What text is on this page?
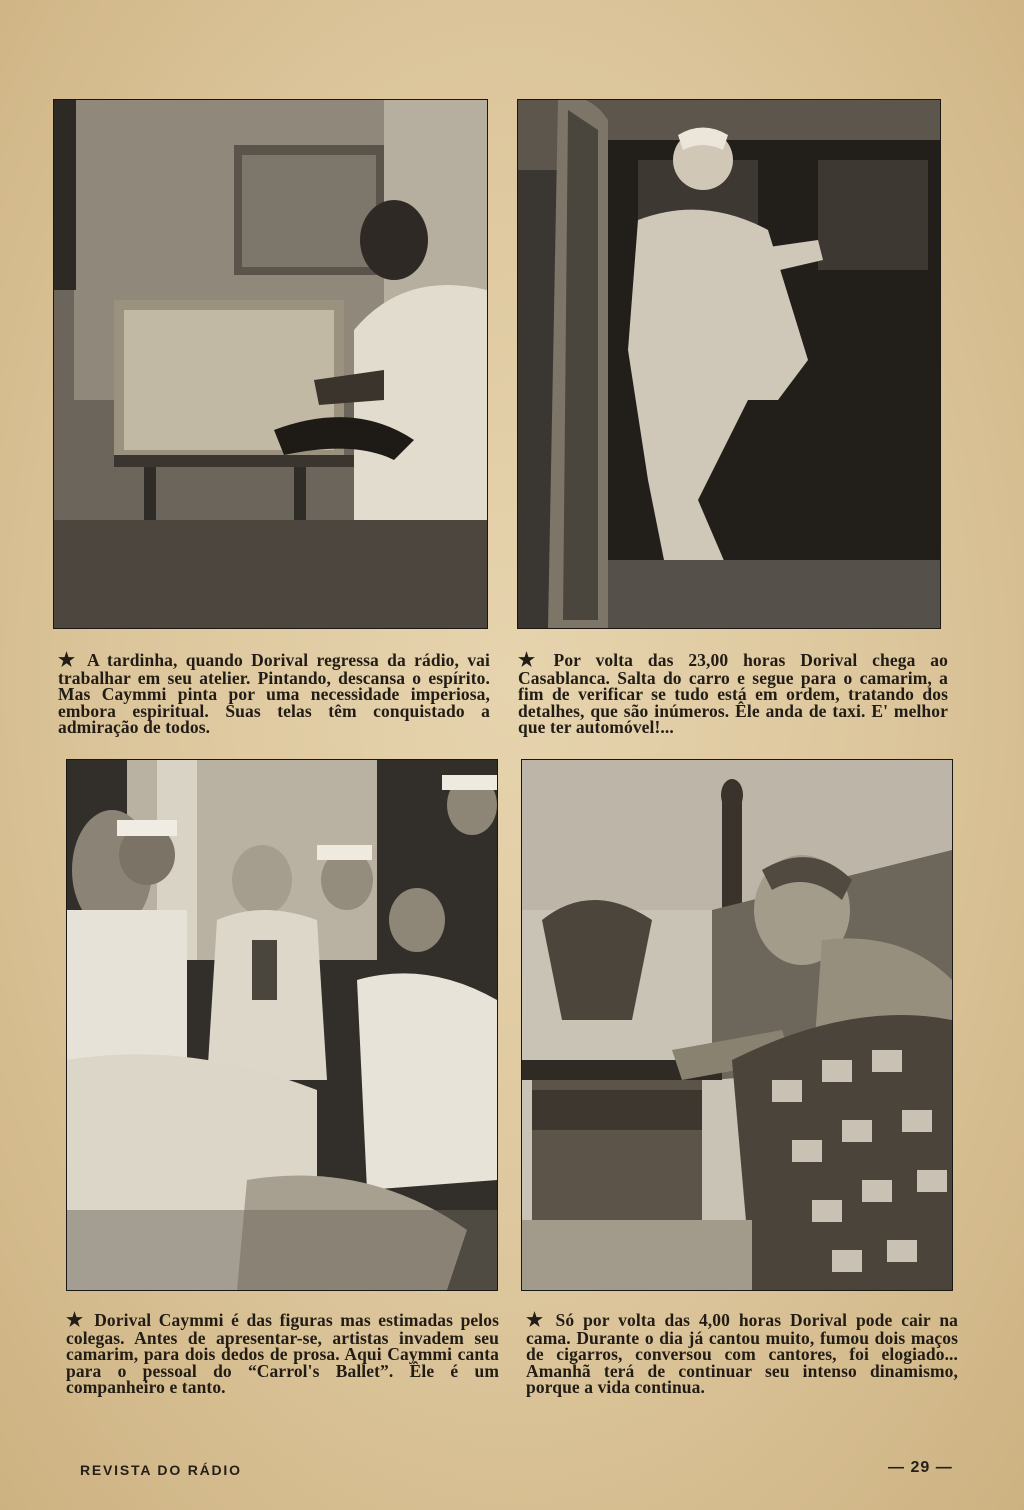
★ A tardinha, quando Dorival regressa da rádio, vai trabalhar em seu atelier. Pintando, descansa o espírito. Mas Caymmi pinta por uma necessidade imperiosa, embora espiritual. Suas telas têm conquistado a admiração de todos.
★ Por volta das 23,00 horas Dorival chega ao Casablanca. Salta do carro e segue para o camarim, a fim de verificar se tudo está em ordem, tratando dos detalhes, que são inúmeros. Êle anda de taxi. E' melhor que ter automóvel!...
★ Dorival Caymmi é das figuras mas estimadas pelos colegas. Antes de apresentar-se, artistas invadem seu camarim, para dois dedos de prosa. Aqui Caymmi canta para o pessoal do “Carrol's Ballet”. Êle é um companheiro e tanto.
★ Só por volta das 4,00 horas Dorival pode cair na cama. Durante o dia já cantou muito, fumou dois maços de cigarros, conversou com cantores, foi elogiado... Amanhã terá de continuar seu intenso dinamismo, porque a vida continua.
REVISTA DO RÁDIO	— 29 —
